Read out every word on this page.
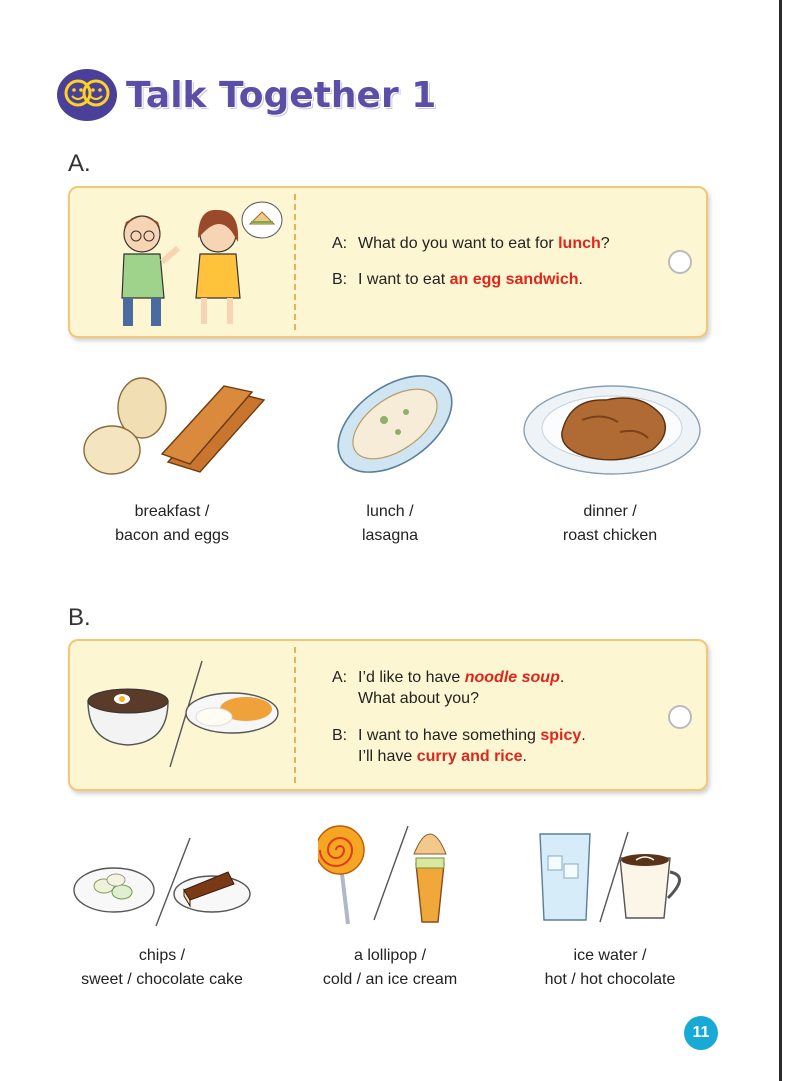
Talk Together 1
A.
A: What do you want to eat for lunch?
B: I want to eat an egg sandwich.
breakfast /
bacon and eggs
lunch /
lasagna
dinner /
roast chicken
B.
A: I’d like to have noodle soup.
What about you?
B: I want to have something spicy.
I’ll have curry and rice.
chips /
sweet / chocolate cake
a lollipop /
cold / an ice cream
ice water /
hot / hot chocolate
11
